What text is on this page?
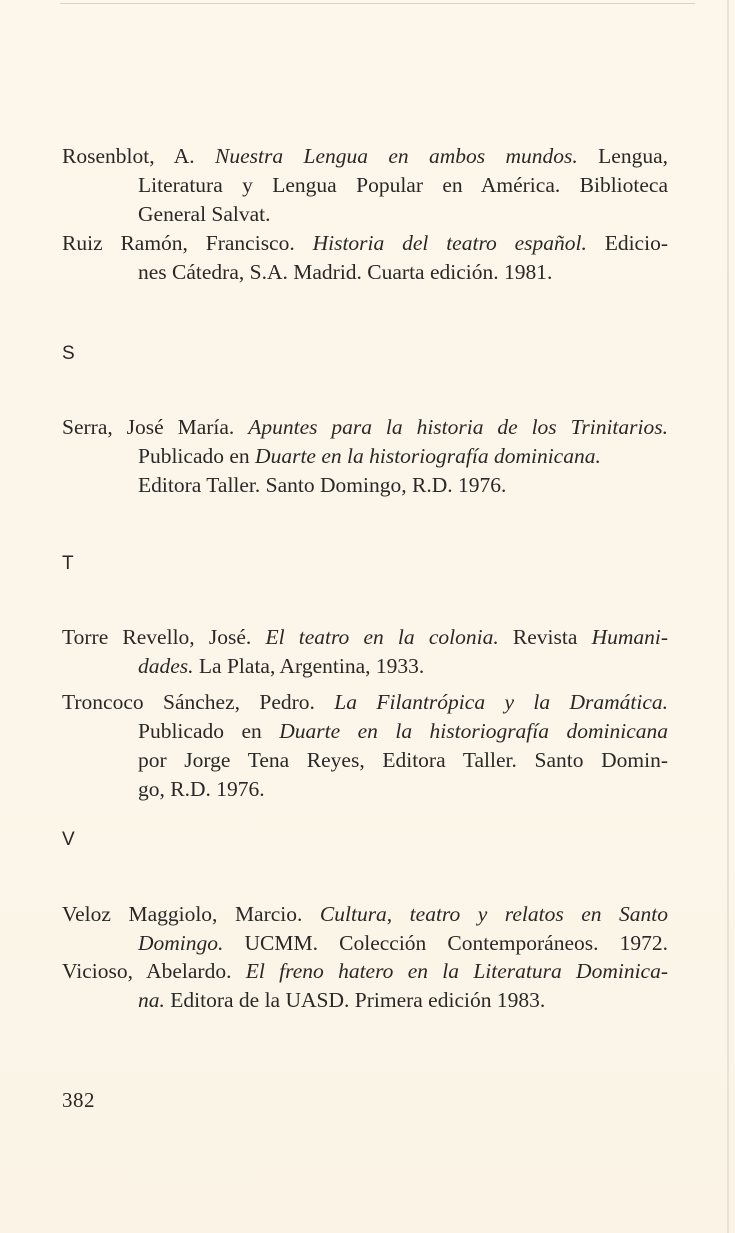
Rosenblot, A. Nuestra Lengua en ambos mundos. Lengua,
Literatura y Lengua Popular en América. Biblioteca
General Salvat.
Ruiz Ramón, Francisco. Historia del teatro español. Edicio-
nes Cátedra, S.A. Madrid. Cuarta edición. 1981.
S
Serra, José María. Apuntes para la historia de los Trinitarios.
Publicado en Duarte en la historiografía dominicana.
Editora Taller. Santo Domingo, R.D. 1976.
T
Torre Revello, José. El teatro en la colonia. Revista Humani-
dades. La Plata, Argentina, 1933.
Troncoco Sánchez, Pedro. La Filantrópica y la Dramática.
Publicado en Duarte en la historiografía dominicana
por Jorge Tena Reyes, Editora Taller. Santo Domin-
go, R.D. 1976.
V
Veloz Maggiolo, Marcio. Cultura, teatro y relatos en Santo
Domingo. UCMM. Colección Contemporáneos. 1972.
Vicioso, Abelardo. El freno hatero en la Literatura Dominica-
na. Editora de la UASD. Primera edición 1983.
382
